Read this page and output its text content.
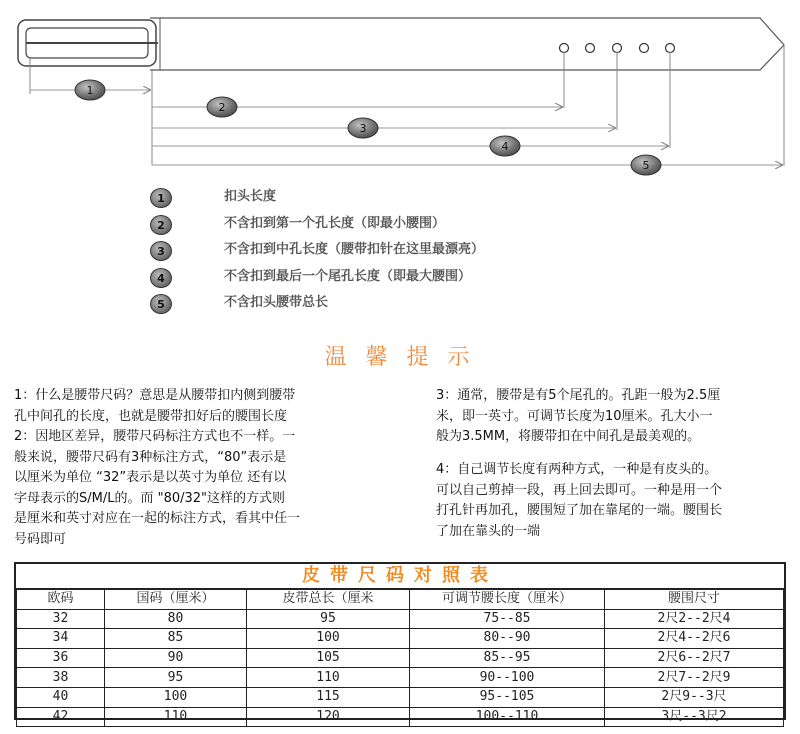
1
2
3
4
5
1	扣头长度
2	不含扣到第一个孔长度（即最小腰围）
3	不含扣到中孔长度（腰带扣针在这里最漂亮）
4	不含扣到最后一个尾孔长度（即最大腰围）
5	不含扣头腰带总长
温 馨 提 示
1：什么是腰带尺码？意思是从腰带扣内侧到腰带
孔中间孔的长度，也就是腰带扣好后的腰围长度
2：因地区差异，腰带尺码标注方式也不一样。一
般来说，腰带尺码有3种标注方式，“80”表示是
以厘米为单位 “32”表示是以英寸为单位 还有以
字母表示的S/M/L的。而 "80/32"这样的方式则
是厘米和英寸对应在一起的标注方式，看其中任一
号码即可
3：通常，腰带是有5个尾孔的。孔距一般为2.5厘
米，即一英寸。可调节长度为10厘米。孔大小一
般为3.5MM，将腰带扣在中间孔是最美观的。
4：自己调节长度有两种方式，一种是有皮头的。
可以自己剪掉一段，再上回去即可。一种是用一个
打孔针再加孔，腰围短了加在靠尾的一端。腰围长
了加在靠头的一端
皮带尺码对照表
欧码	国码（厘米）	皮带总长（厘米	可调节腰长度（厘米）	腰围尺寸
32	80	95	75--85	2尺2--2尺4
34	85	100	80--90	2尺4--2尺6
36	90	105	85--95	2尺6--2尺7
38	95	110	90--100	2尺7--2尺9
40	100	115	95--105	2尺9--3尺
42	110	120	100--110	3尺--3尺2
